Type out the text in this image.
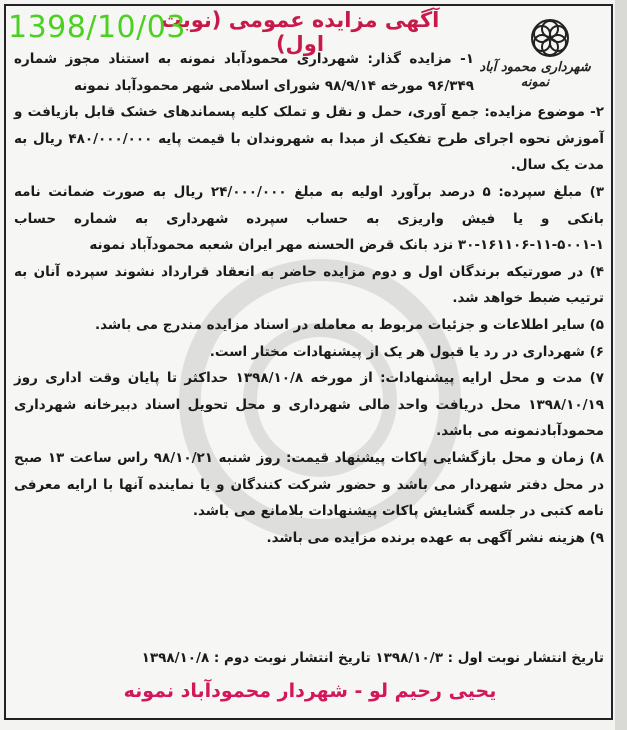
1398/10/03
آگهی مزایده عمومی (نوبت اول)
شهرداری محمود آباد نمونه

۱- مزایده گذار: شهرداری محمودآباد نمونه به استناد مجوز شماره ۹۶/۳۴۹ مورخه ۹۸/۹/۱۴ شورای اسلامی شهر محمودآباد نمونه

۲- موضوع مزایده: جمع آوری، حمل و نقل و تملک کلیه پسماندهای خشک قابل بازیافت و آموزش نحوه اجرای طرح تفکیک از مبدا به شهروندان با قیمت پایه ۴۸۰/۰۰۰/۰۰۰ ریال به مدت یک سال.

۳) مبلغ سپرده: ۵ درصد برآورد اولیه به مبلغ ۲۴/۰۰۰/۰۰۰ ریال به صورت ضمانت نامه بانکی و یا فیش واریزی به حساب سپرده شهرداری به شماره حساب ۱-۵۰۰۱-۱۱-۱۶۱۱۰۶-۳۰ نزد بانک قرض الحسنه مهر ایران شعبه محمودآباد نمونه

۴) در صورتیکه برندگان اول و دوم مزایده حاضر به انعقاد قرارداد نشوند سپرده آنان به ترتیب ضبط خواهد شد.

۵) سایر اطلاعات و جزئیات مربوط به معامله در اسناد مزایده مندرج می باشد.

۶) شهرداری در رد یا قبول هر یک از پیشنهادات مختار است.

۷) مدت و محل ارایه پیشنهادات: از مورخه ۱۳۹۸/۱۰/۸ حداکثر تا پایان وقت اداری روز ۱۳۹۸/۱۰/۱۹ محل دریافت واحد مالی شهرداری و محل تحویل اسناد دبیرخانه شهرداری محمودآبادنمونه می باشد.

۸) زمان و محل بازگشایی پاکات پیشنهاد قیمت: روز شنبه ۹۸/۱۰/۲۱ راس ساعت ۱۳ صبح در محل دفتر شهردار می باشد و حضور شرکت کنندگان و یا نماینده آنها با ارایه معرفی نامه کتبی در جلسه گشایش پاکات پیشنهادات بلامانع می باشد.

۹) هزینه نشر آگهی به عهده برنده مزایده می باشد.

تاریخ انتشار نوبت اول : ۱۳۹۸/۱۰/۳ تاریخ انتشار نوبت دوم : ۱۳۹۸/۱۰/۸
یحیی رحیم لو - شهردار محمودآباد نمونه
